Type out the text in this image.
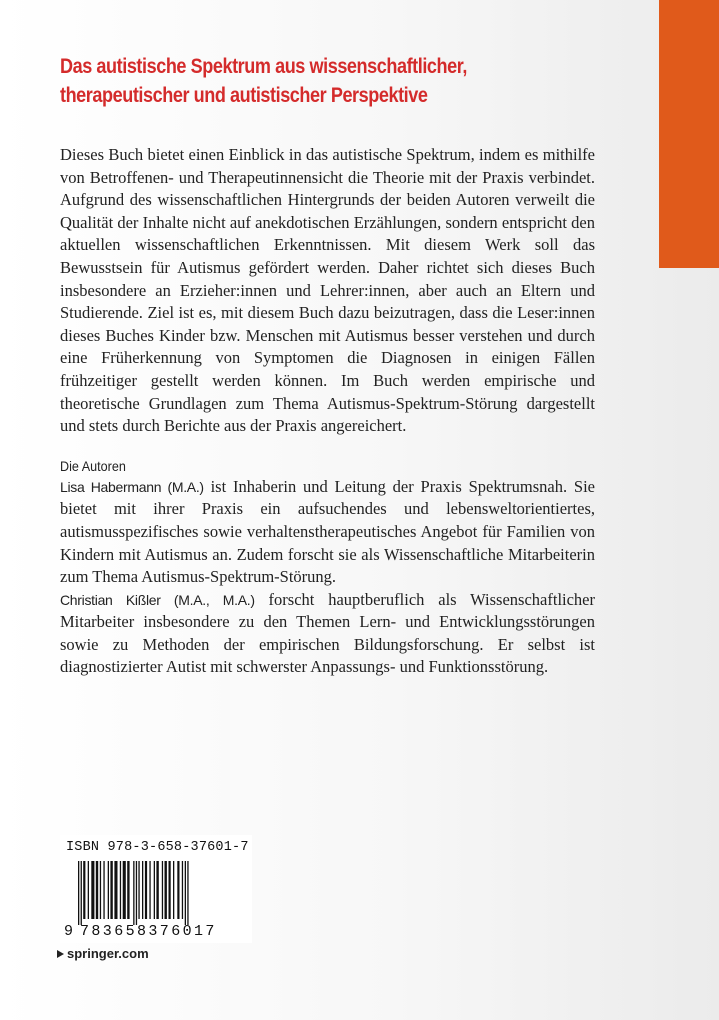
Das autistische Spektrum aus wissenschaftlicher,
therapeutischer und autistischer Perspektive

Dieses Buch bietet einen Einblick in das autistische Spektrum, indem es mithilfe von Betroffenen- und Therapeutinnensicht die Theorie mit der Praxis verbindet. Aufgrund des wissenschaftlichen Hintergrunds der beiden Autoren verweilt die Qualität der Inhalte nicht auf anekdotischen Erzählungen, sondern entspricht den aktuellen wissenschaftlichen Erkenntnissen. Mit diesem Werk soll das Bewusstsein für Autismus gefördert werden. Daher richtet sich dieses Buch insbesondere an Erzieher:innen und Lehrer:innen, aber auch an Eltern und Studierende. Ziel ist es, mit diesem Buch dazu beizutragen, dass die Leser:innen dieses Buches Kinder bzw. Menschen mit Autismus besser verstehen und durch eine Früherkennung von Symptomen die Diagnosen in einigen Fällen frühzeitiger gestellt werden können. Im Buch werden empirische und theoretische Grundlagen zum Thema Autismus-Spektrum-Störung dargestellt und stets durch Berichte aus der Praxis angereichert.

Die Autoren

Lisa Habermann (M.A.) ist Inhaberin und Leitung der Praxis Spektrumsnah. Sie bietet mit ihrer Praxis ein aufsuchendes und lebensweltorientiertes, autismusspezifisches sowie verhaltenstherapeutisches Angebot für Familien von Kindern mit Autismus an. Zudem forscht sie als Wissenschaftliche Mitarbeiterin zum Thema Autismus-Spektrum-Störung.

Christian Kißler (M.A., M.A.) forscht hauptberuflich als Wissenschaftlicher Mitarbeiter insbesondere zu den Themen Lern- und Entwicklungsstörungen sowie zu Methoden der empirischen Bildungsforschung. Er selbst ist diagnostizierter Autist mit schwerster Anpassungs- und Funktionsstörung.

ISBN 978-3-658-37601-7
9 783658376017
springer.com
